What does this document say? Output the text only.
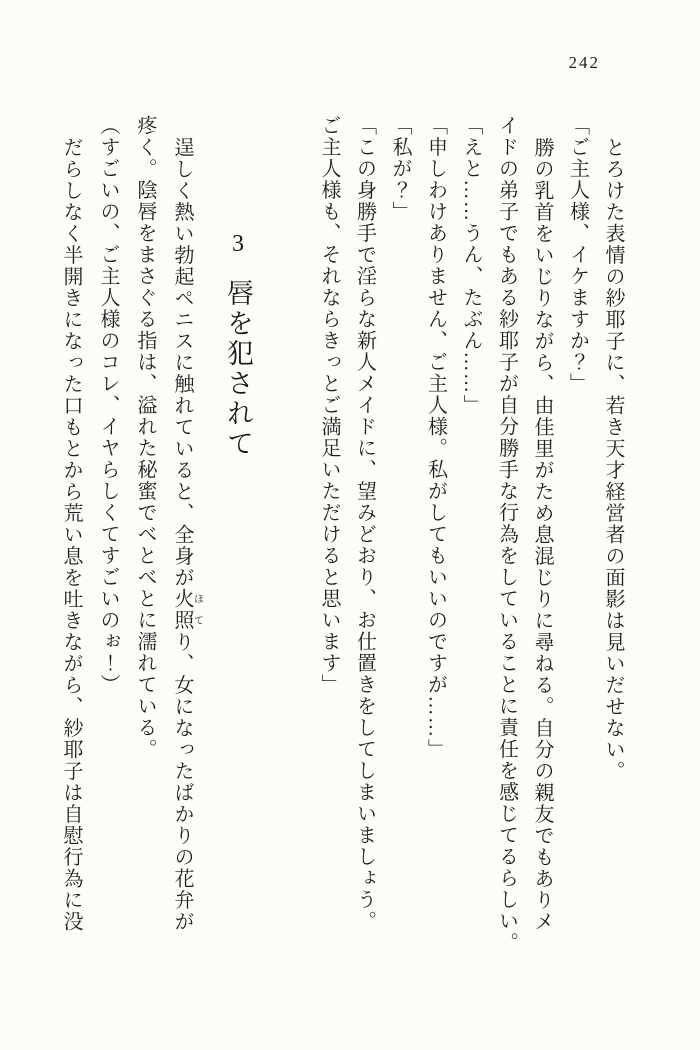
242

とろけた表情の紗耶子に、若き天才経営者の面影は見いだせない。

「ご主人様、イケますか？」

勝の乳首をいじりながら、由佳里がため息混じりに尋ねる。自分の親友でもありメ

イドの弟子でもある紗耶子が自分勝手な行為をしていることに責任を感じてるらしい。

「えと……うん、たぶん……」

「申しわけありません、ご主人様。私がしてもいいのですが……」

「私が？」

「この身勝手で淫らな新人メイドに、望みどおり、お仕置きをしてしまいましょう。

ご主人様も、それならきっとご満足いただけると思います」

3 唇を犯されて

逞しく熱い勃起ペニスに触れていると、全身が火照ほてり、女になったばかりの花弁が

疼く。陰唇をまさぐる指は、溢れた秘蜜でべとべとに濡れている。

（すごいの、ご主人様のコレ、イヤらしくてすごいのぉ！）

だらしなく半開きになった口もとから荒い息を吐きながら、紗耶子は自慰行為に没
